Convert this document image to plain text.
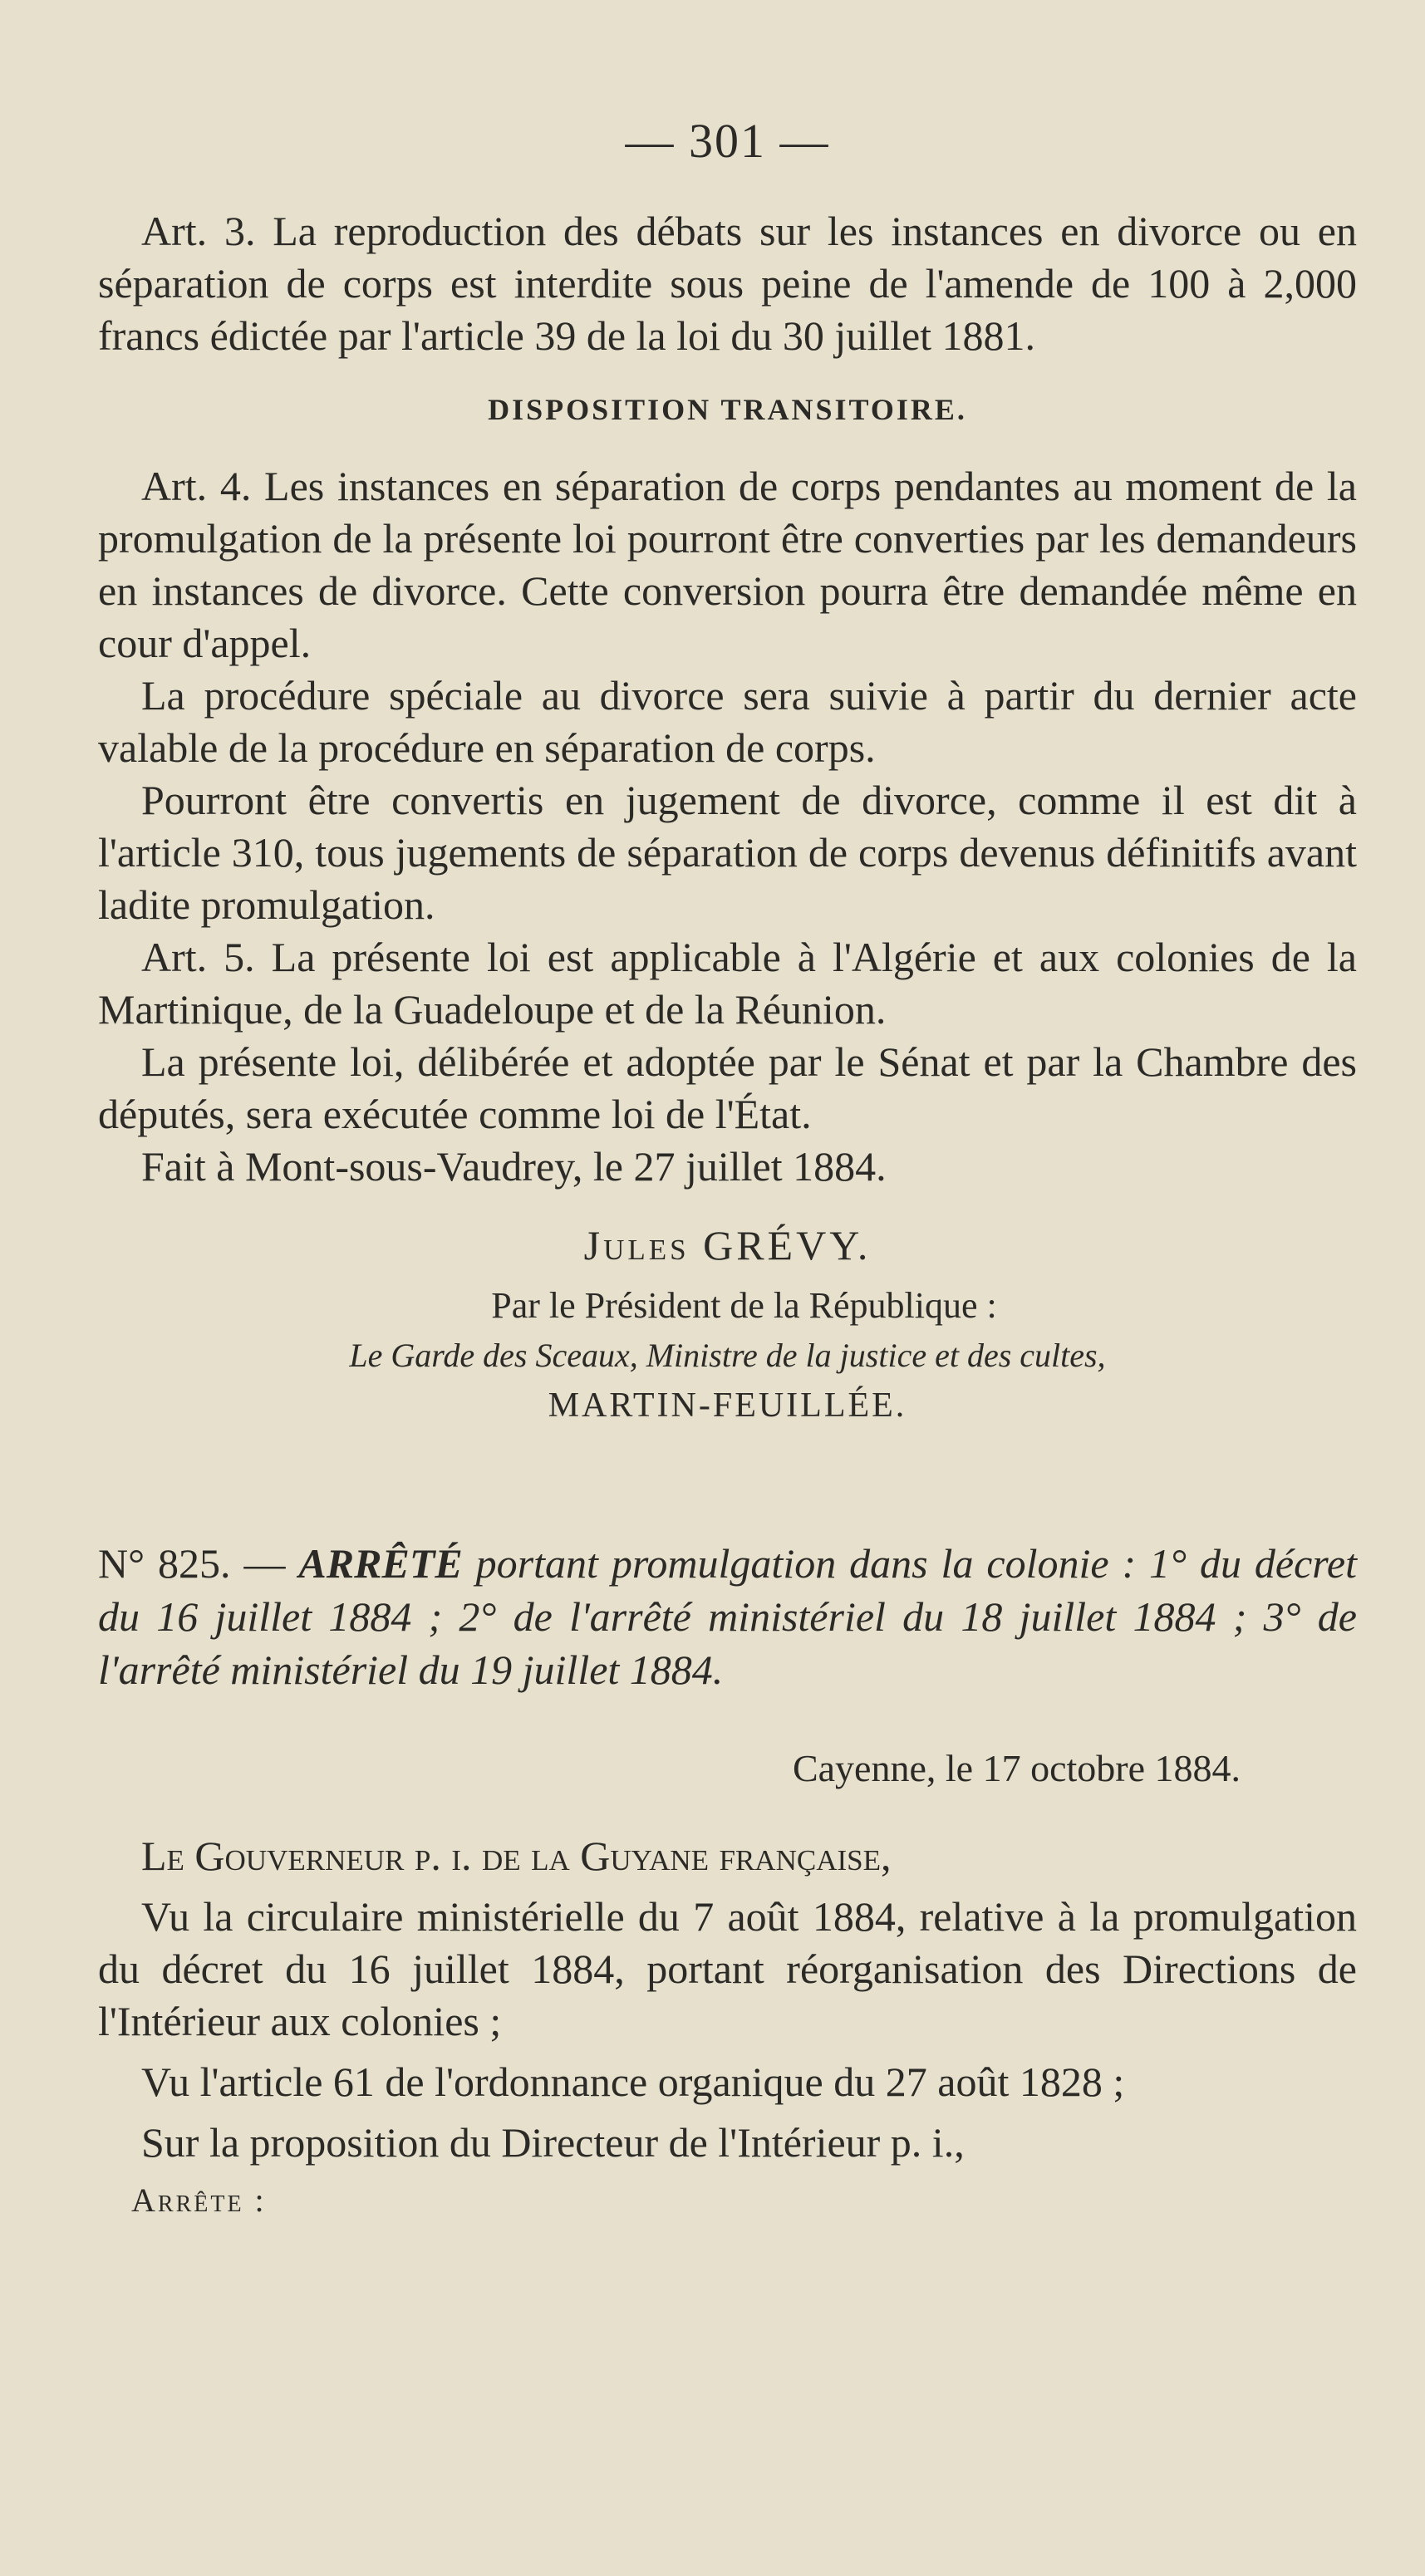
— 301 —

Art. 3. La reproduction des débats sur les instances en divorce ou en séparation de corps est interdite sous peine de l'amende de 100 à 2,000 francs édictée par l'article 39 de la loi du 30 juillet 1881.

DISPOSITION TRANSITOIRE.

Art. 4. Les instances en séparation de corps pendantes au moment de la promulgation de la présente loi pourront être converties par les demandeurs en instances de divorce. Cette conversion pourra être demandée même en cour d'appel.

La procédure spéciale au divorce sera suivie à partir du dernier acte valable de la procédure en séparation de corps.

Pourront être convertis en jugement de divorce, comme il est dit à l'article 310, tous jugements de séparation de corps devenus définitifs avant ladite promulgation.

Art. 5. La présente loi est applicable à l'Algérie et aux colonies de la Martinique, de la Guadeloupe et de la Réunion.

La présente loi, délibérée et adoptée par le Sénat et par la Chambre des députés, sera exécutée comme loi de l'État.

Fait à Mont-sous-Vaudrey, le 27 juillet 1884.

Jules GRÉVY.

Par le Président de la République :

Le Garde des Sceaux, Ministre de la justice et des cultes,

MARTIN-FEUILLÉE.

N° 825. — ARRÊTÉ portant promulgation dans la colonie : 1° du décret du 16 juillet 1884 ; 2° de l'arrêté ministériel du 18 juillet 1884 ; 3° de l'arrêté ministériel du 19 juillet 1884.

Cayenne, le 17 octobre 1884.

Le Gouverneur p. i. de la Guyane française,

Vu la circulaire ministérielle du 7 août 1884, relative à la promulgation du décret du 16 juillet 1884, portant réorganisation des Directions de l'Intérieur aux colonies ;

Vu l'article 61 de l'ordonnance organique du 27 août 1828 ;

Sur la proposition du Directeur de l'Intérieur p. i.,

Arrête :
